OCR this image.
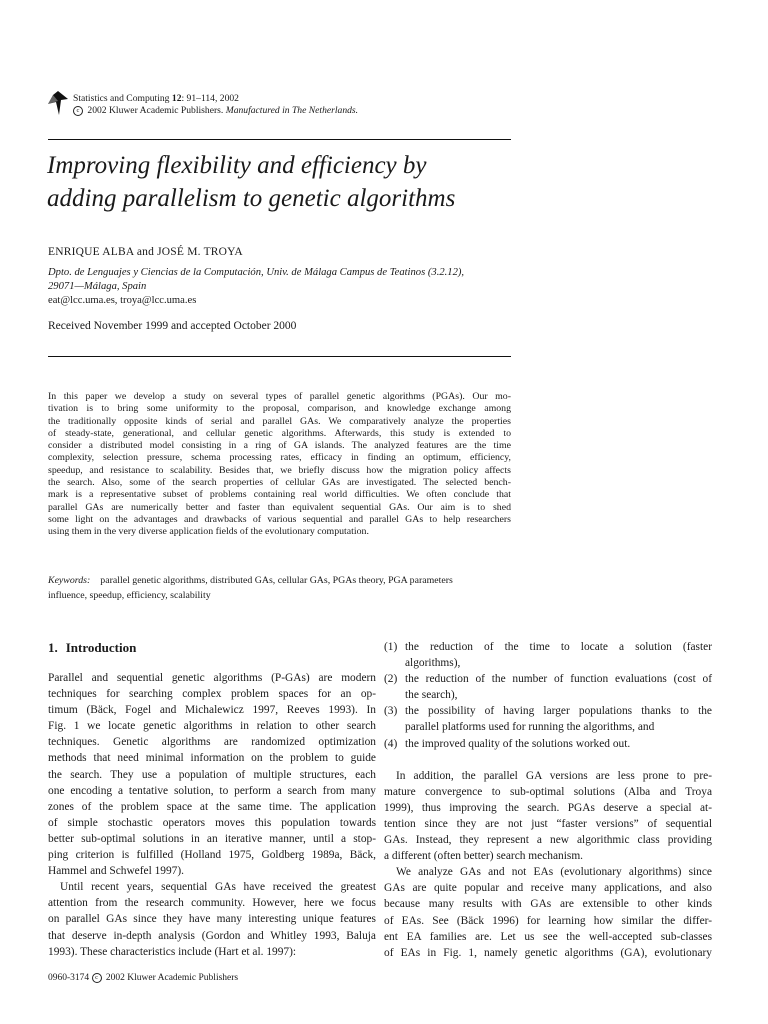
Statistics and Computing 12: 91–114, 2002
c 2002 Kluwer Academic Publishers. Manufactured in The Netherlands.
Improving flexibility and efficiency by
adding parallelism to genetic algorithms
ENRIQUE ALBA and JOSÉ M. TROYA
Dpto. de Lenguajes y Ciencias de la Computación, Univ. de Málaga Campus de Teatinos (3.2.12),
29071—Málaga, Spain
eat@lcc.uma.es, troya@lcc.uma.es
Received November 1999 and accepted October 2000
In this paper we develop a study on several types of parallel genetic algorithms (PGAs). Our mo-
tivation is to bring some uniformity to the proposal, comparison, and knowledge exchange among
the traditionally opposite kinds of serial and parallel GAs. We comparatively analyze the properties
of steady-state, generational, and cellular genetic algorithms. Afterwards, this study is extended to
consider a distributed model consisting in a ring of GA islands. The analyzed features are the time
complexity, selection pressure, schema processing rates, efficacy in finding an optimum, efficiency,
speedup, and resistance to scalability. Besides that, we briefly discuss how the migration policy affects
the search. Also, some of the search properties of cellular GAs are investigated. The selected bench-
mark is a representative subset of problems containing real world difficulties. We often conclude that
parallel GAs are numerically better and faster than equivalent sequential GAs. Our aim is to shed
some light on the advantages and drawbacks of various sequential and parallel GAs to help researchers
using them in the very diverse application fields of the evolutionary computation.
Keywords: parallel genetic algorithms, distributed GAs, cellular GAs, PGAs theory, PGA parameters
influence, speedup, efficiency, scalability
1. Introduction
Parallel and sequential genetic algorithms (P-GAs) are modern
techniques for searching complex problem spaces for an op-
timum (Bäck, Fogel and Michalewicz 1997, Reeves 1993). In
Fig. 1 we locate genetic algorithms in relation to other search
techniques. Genetic algorithms are randomized optimization
methods that need minimal information on the problem to guide
the search. They use a population of multiple structures, each
one encoding a tentative solution, to perform a search from many
zones of the problem space at the same time. The application
of simple stochastic operators moves this population towards
better sub-optimal solutions in an iterative manner, until a stop-
ping criterion is fulfilled (Holland 1975, Goldberg 1989a, Bäck,
Hammel and Schwefel 1997).
Until recent years, sequential GAs have received the greatest
attention from the research community. However, here we focus
on parallel GAs since they have many interesting unique features
that deserve in-depth analysis (Gordon and Whitley 1993, Baluja
1993). These characteristics include (Hart et al. 1997):
(1) the reduction of the time to locate a solution (faster
algorithms),
(2) the reduction of the number of function evaluations (cost of
the search),
(3) the possibility of having larger populations thanks to the
parallel platforms used for running the algorithms, and
(4) the improved quality of the solutions worked out.
In addition, the parallel GA versions are less prone to pre-
mature convergence to sub-optimal solutions (Alba and Troya
1999), thus improving the search. PGAs deserve a special at-
tention since they are not just “faster versions” of sequential
GAs. Instead, they represent a new algorithmic class providing
a different (often better) search mechanism.
We analyze GAs and not EAs (evolutionary algorithms) since
GAs are quite popular and receive many applications, and also
because many results with GAs are extensible to other kinds
of EAs. See (Bäck 1996) for learning how similar the differ-
ent EA families are. Let us see the well-accepted sub-classes
of EAs in Fig. 1, namely genetic algorithms (GA), evolutionary
0960-3174 c 2002 Kluwer Academic Publishers
